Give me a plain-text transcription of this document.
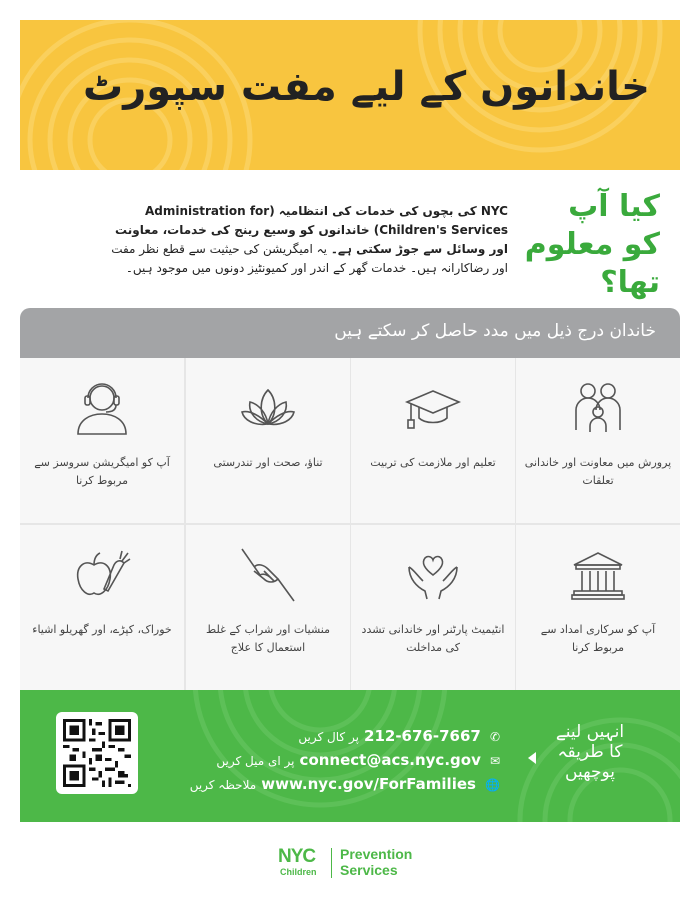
خاندانوں کے لیے مفت سپورٹ
کیا آپ
کو معلوم
تھا؟
NYC کی بچوں کی خدمات کی انتظامیہ (Administration for Children's Services) خاندانوں کو وسیع رینج کی خدمات، معاونت اور وسائل سے جوڑ سکتی ہے۔ یہ امیگریشن کی حیثیت سے قطع نظر مفت اور رضاکارانہ ہیں۔ خدمات گھر کے اندر اور کمیونٹیز دونوں میں موجود ہیں۔
خاندان درج ذیل میں مدد حاصل کر سکتے ہیں
پرورش میں معاونت اور خاندانی تعلقات
تعلیم اور ملازمت کی تربیت
تناؤ، صحت اور تندرستی
آپ کو امیگریشن سروسز سے مربوط کرنا
آپ کو سرکاری امداد سے مربوط کرنا
انٹیمیٹ پارٹنر اور خاندانی تشدد کی مداخلت
منشیات اور شراب کے غلط استعمال کا علاج
خوراک، کپڑے، اور گھریلو اشیاء
پر کال کریں 212-676-7667 ✆
پر ای میل کریں connect@acs.nyc.gov ✉
ملاحظہ کریں www.nyc.gov/ForFamilies 🌐
انہیں لینے
کا طریقہ
پوچھیں
NYC
Children
Prevention
Services
